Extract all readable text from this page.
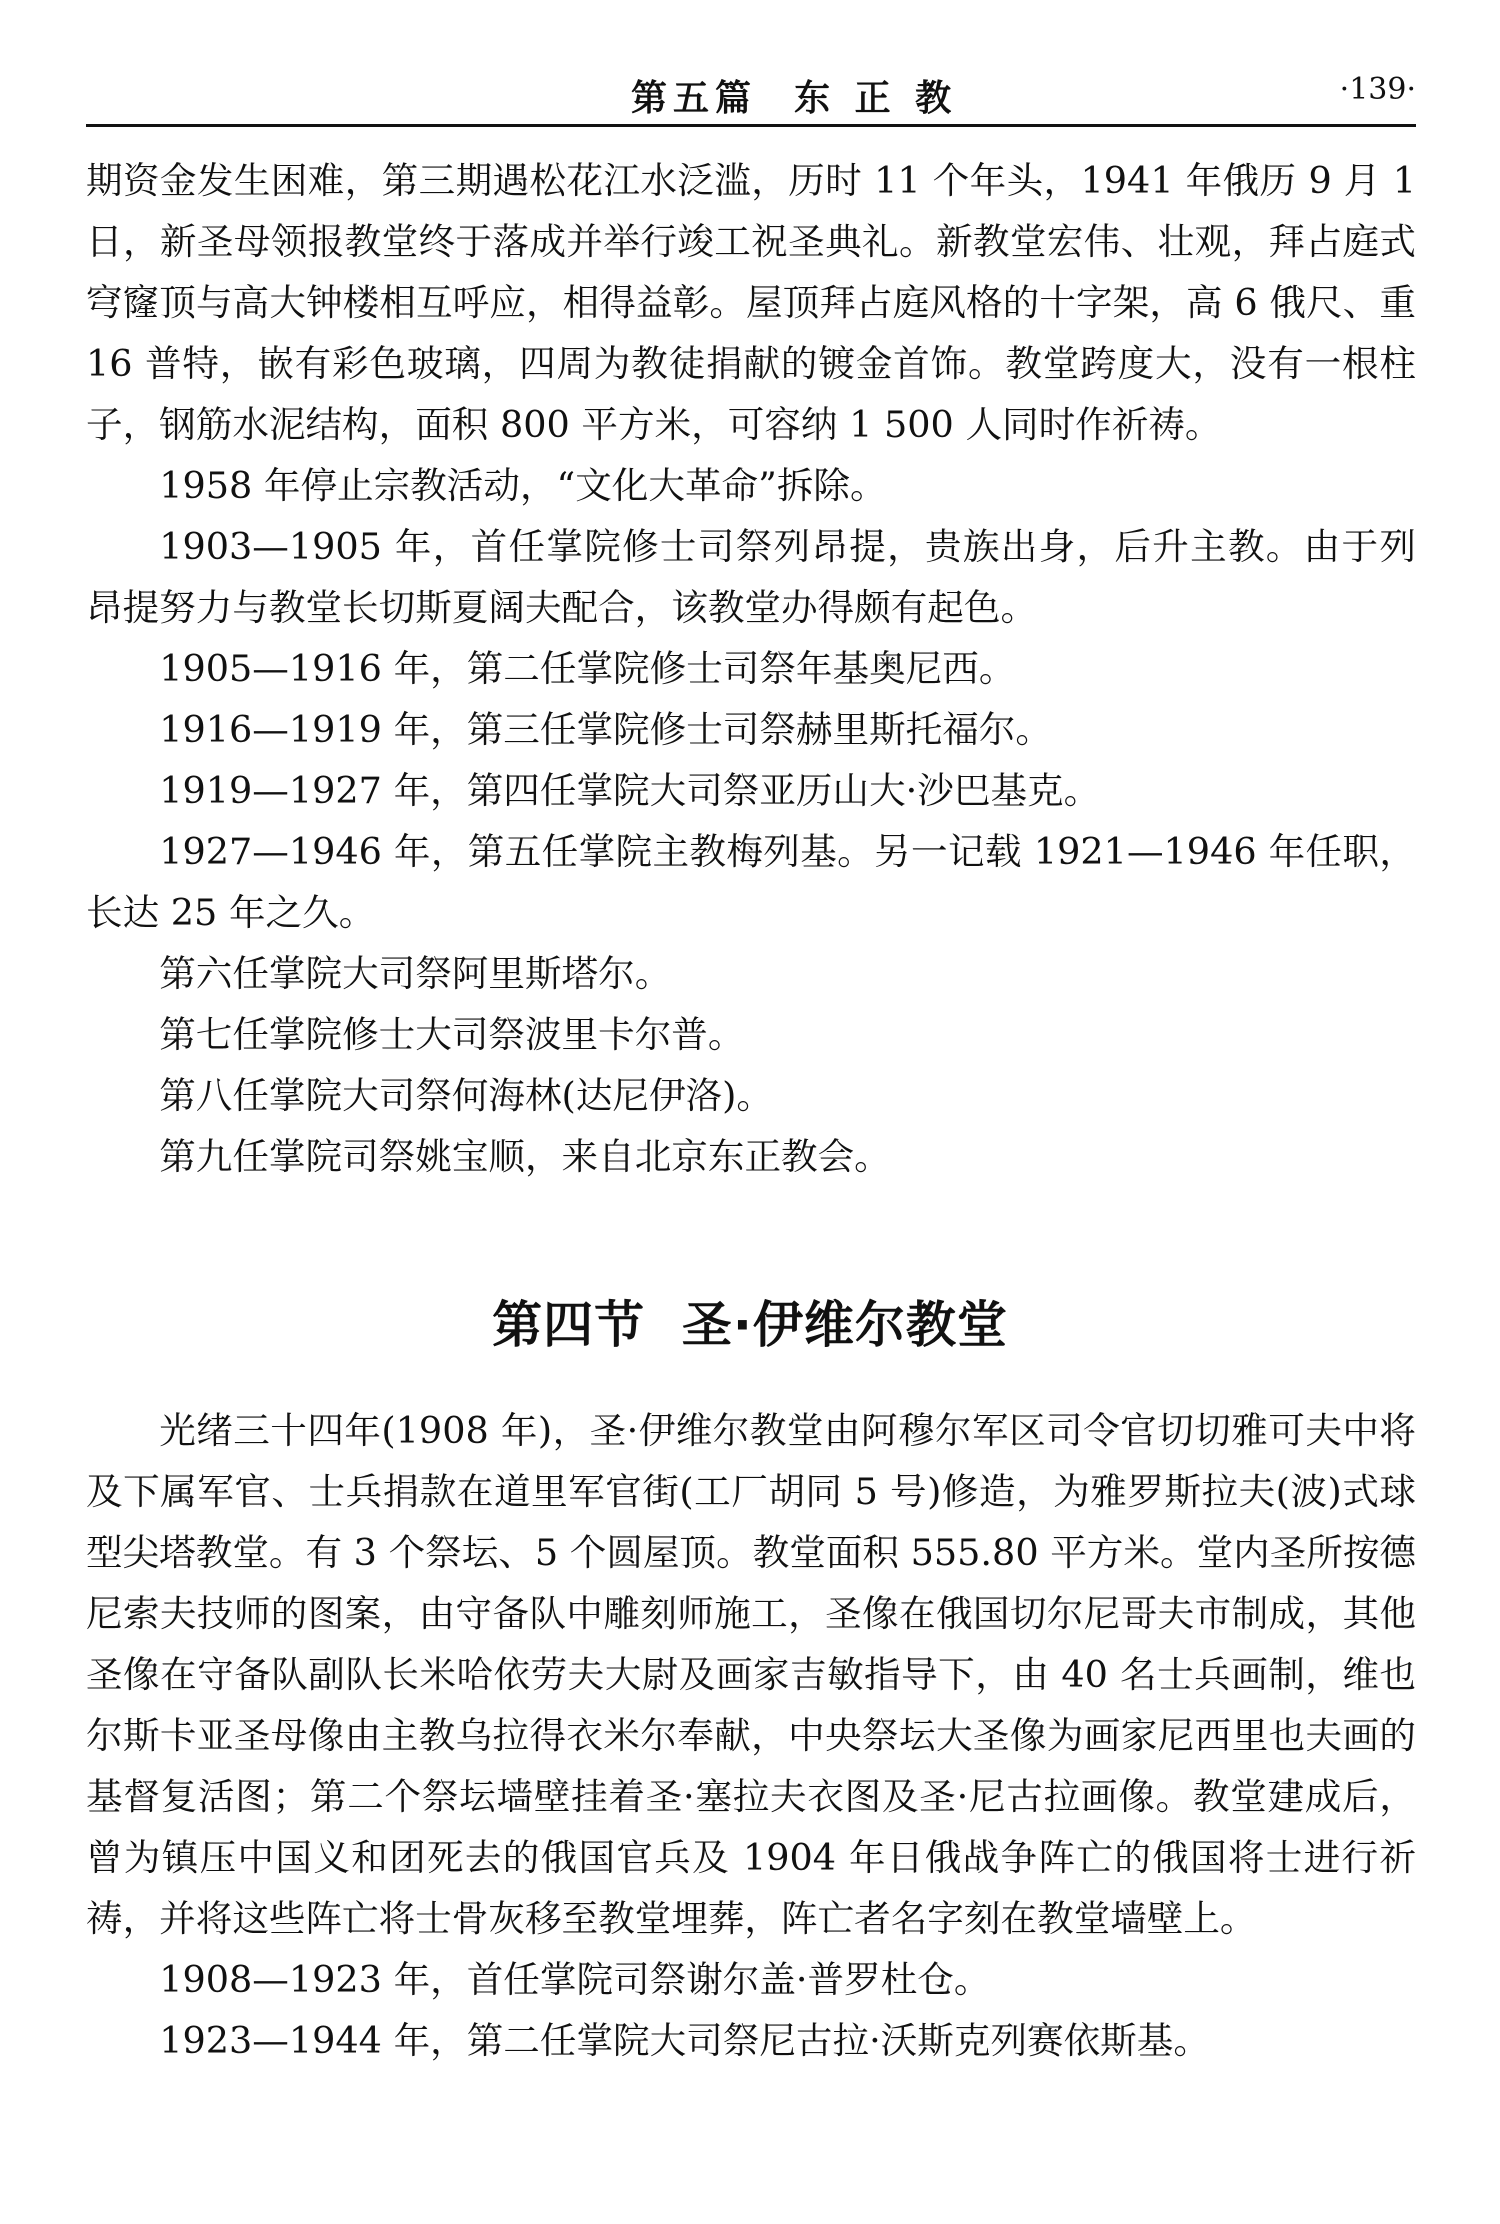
第五篇  东 正 教	·139·

期资金发生困难，第三期遇松花江水泛滥，历时 11 个年头，1941 年俄历 9 月 1 日，新圣母领报教堂终于落成并举行竣工祝圣典礼。新教堂宏伟、壮观，拜占庭式穹窿顶与高大钟楼相互呼应，相得益彰。屋顶拜占庭风格的十字架，高 6 俄尺、重 16 普特，嵌有彩色玻璃，四周为教徒捐献的镀金首饰。教堂跨度大，没有一根柱子，钢筋水泥结构，面积 800 平方米，可容纳 1 500 人同时作祈祷。

1958 年停止宗教活动，“文化大革命”拆除。

1903—1905 年，首任掌院修士司祭列昂提，贵族出身，后升主教。由于列昂提努力与教堂长切斯夏阔夫配合，该教堂办得颇有起色。

1905—1916 年，第二任掌院修士司祭年基奥尼西。

1916—1919 年，第三任掌院修士司祭赫里斯托福尔。

1919—1927 年，第四任掌院大司祭亚历山大·沙巴基克。

1927—1946 年，第五任掌院主教梅列基。另一记载 1921—1946 年任职，长达 25 年之久。

第六任掌院大司祭阿里斯塔尔。

第七任掌院修士大司祭波里卡尔普。

第八任掌院大司祭何海林(达尼伊洛)。

第九任掌院司祭姚宝顺，来自北京东正教会。

第四节  圣·伊维尔教堂

光绪三十四年(1908 年)，圣·伊维尔教堂由阿穆尔军区司令官切切雅可夫中将及下属军官、士兵捐款在道里军官街(工厂胡同 5 号)修造，为雅罗斯拉夫(波)式球型尖塔教堂。有 3 个祭坛、5 个圆屋顶。教堂面积 555.80 平方米。堂内圣所按德尼索夫技师的图案，由守备队中雕刻师施工，圣像在俄国切尔尼哥夫市制成，其他圣像在守备队副队长米哈依劳夫大尉及画家吉敏指导下，由 40 名士兵画制，维也尔斯卡亚圣母像由主教乌拉得衣米尔奉献，中央祭坛大圣像为画家尼西里也夫画的基督复活图；第二个祭坛墙壁挂着圣·塞拉夫衣图及圣·尼古拉画像。教堂建成后，曾为镇压中国义和团死去的俄国官兵及 1904 年日俄战争阵亡的俄国将士进行祈祷，并将这些阵亡将士骨灰移至教堂埋葬，阵亡者名字刻在教堂墙壁上。

1908—1923 年，首任掌院司祭谢尔盖·普罗杜仓。

1923—1944 年，第二任掌院大司祭尼古拉·沃斯克列赛依斯基。
